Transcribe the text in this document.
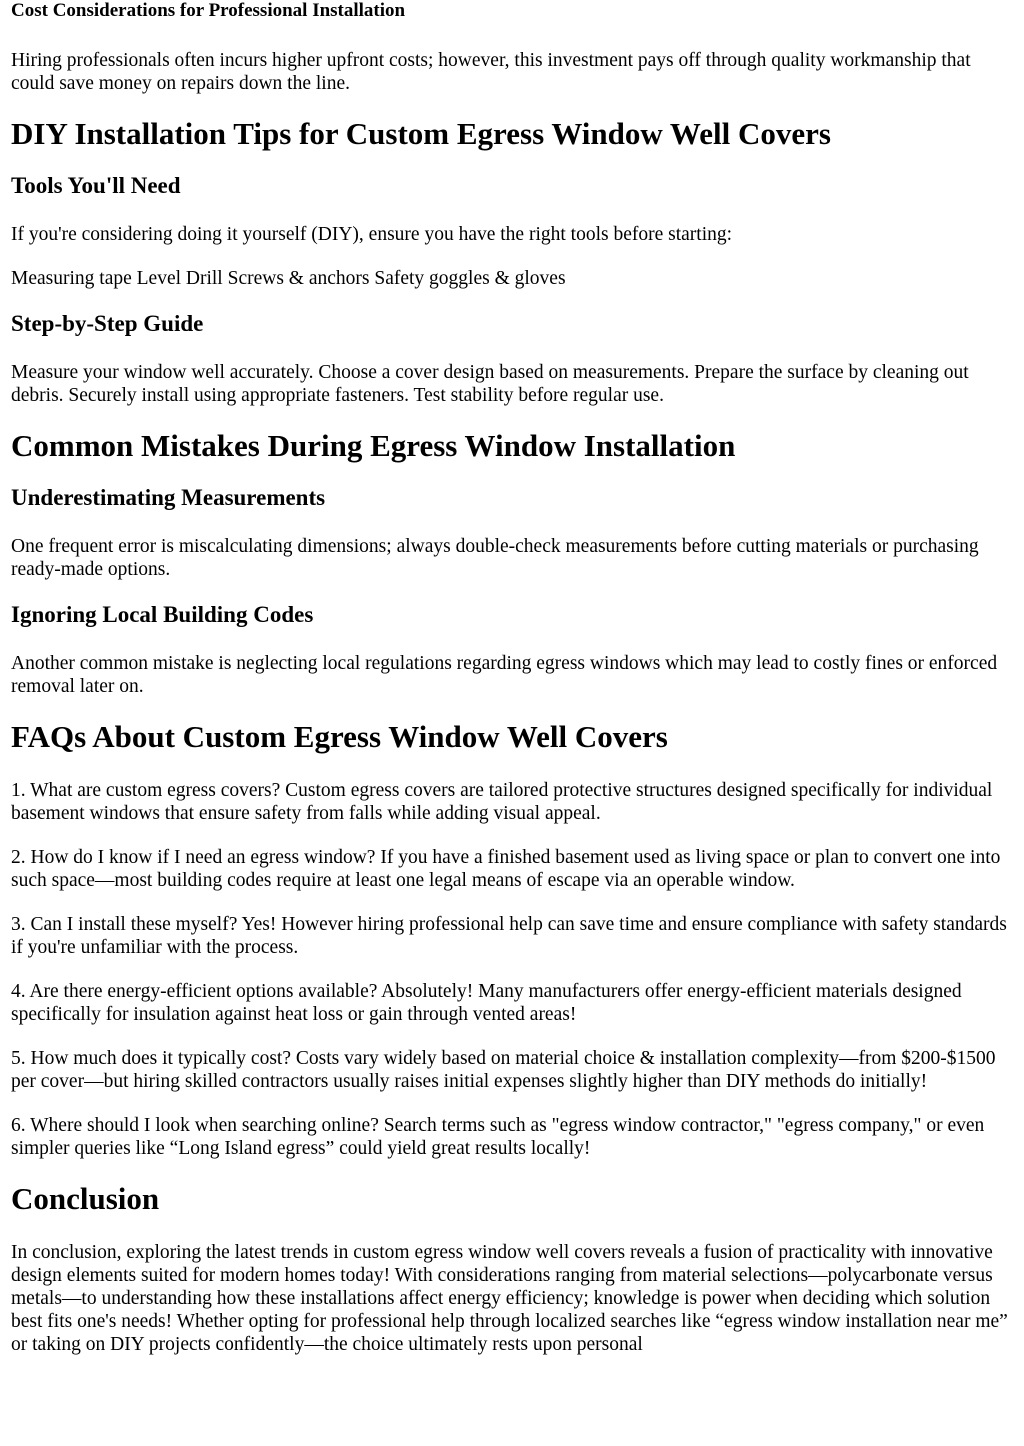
Cost Considerations for Professional Installation

Hiring professionals often incurs higher upfront costs; however, this investment pays off through quality workmanship that could save money on repairs down the line.

DIY Installation Tips for Custom Egress Window Well Covers
Tools You'll Need

If you're considering doing it yourself (DIY), ensure you have the right tools before starting:

Measuring tape Level Drill Screws & anchors Safety goggles & gloves

Step-by-Step Guide

Measure your window well accurately. Choose a cover design based on measurements. Prepare the surface by cleaning out debris. Securely install using appropriate fasteners. Test stability before regular use.

Common Mistakes During Egress Window Installation
Underestimating Measurements

One frequent error is miscalculating dimensions; always double-check measurements before cutting materials or purchasing ready-made options.

Ignoring Local Building Codes

Another common mistake is neglecting local regulations regarding egress windows which may lead to costly fines or enforced removal later on.

FAQs About Custom Egress Window Well Covers

1. What are custom egress covers? Custom egress covers are tailored protective structures designed specifically for individual basement windows that ensure safety from falls while adding visual appeal.

2. How do I know if I need an egress window? If you have a finished basement used as living space or plan to convert one into such space—most building codes require at least one legal means of escape via an operable window.

3. Can I install these myself? Yes! However hiring professional help can save time and ensure compliance with safety standards if you're unfamiliar with the process.

4. Are there energy-efficient options available? Absolutely! Many manufacturers offer energy-efficient materials designed specifically for insulation against heat loss or gain through vented areas!

5. How much does it typically cost? Costs vary widely based on material choice & installation complexity—from $200-$1500 per cover—but hiring skilled contractors usually raises initial expenses slightly higher than DIY methods do initially!

6. Where should I look when searching online? Search terms such as "egress window contractor," "egress company," or even simpler queries like “Long Island egress” could yield great results locally!

Conclusion

In conclusion, exploring the latest trends in custom egress window well covers reveals a fusion of practicality with innovative design elements suited for modern homes today! With considerations ranging from material selections—polycarbonate versus metals—to understanding how these installations affect energy efficiency; knowledge is power when deciding which solution best fits one's needs! Whether opting for professional help through localized searches like “egress window installation near me” or taking on DIY projects confidently—the choice ultimately rests upon personal
